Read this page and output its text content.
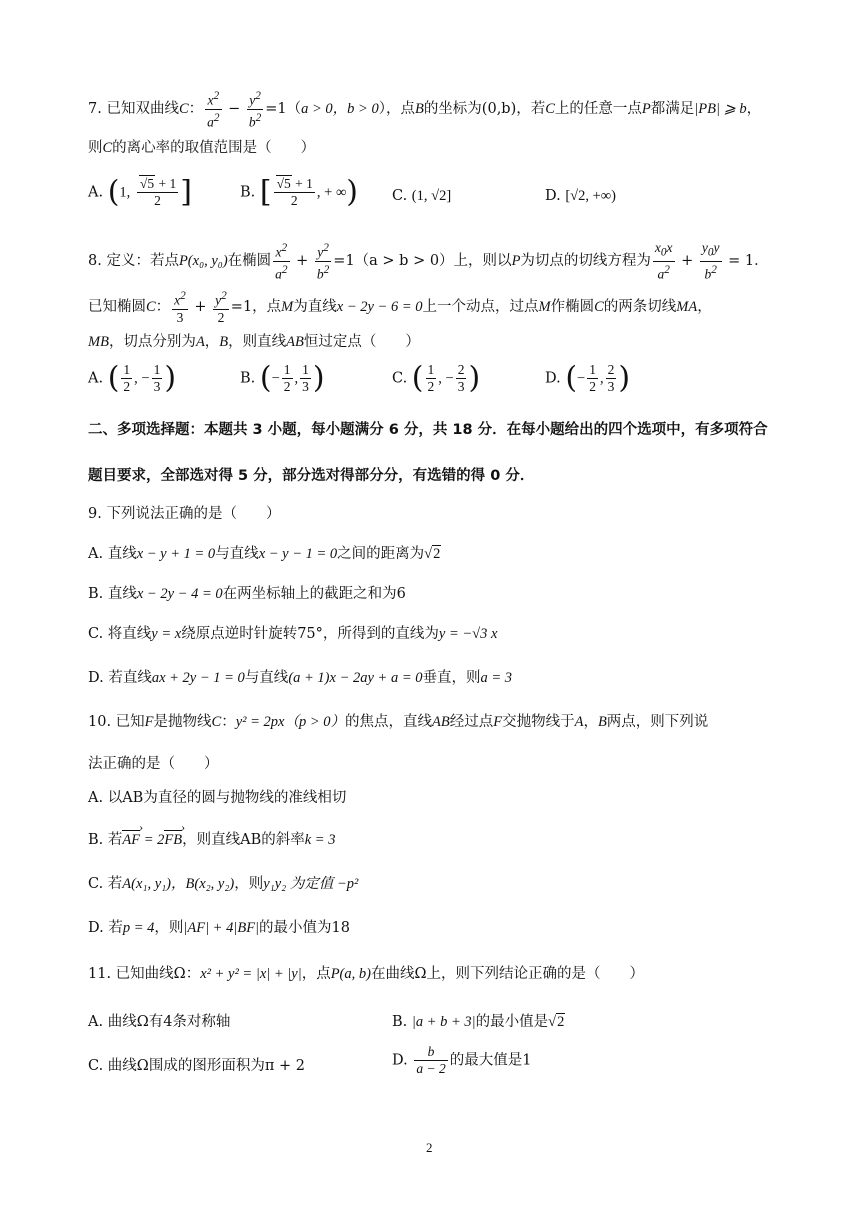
7. 已知双曲线C： $\frac{x^2}{a^2} - \frac{y^2}{b^2} =1(a > 0$，b > 0），点B的坐标为(0,b)，若C上的任意一点P都满足|PB| ⩾ b，
则C的离心率的取值范围是（　　）
A. (1, $\frac{√5 + 1}{2}$ ]	B. [ $\frac{√5 + 1}{2}$ , + ∞) C. (1, √2]	D. [√2, +∞)
8. 定义：若点P(x₀, y₀)在椭圆 $\frac{x^2}{a^2} + \frac{y^2}{b^2} =1(a > b > 0)$上，则以P为切点的切线方程为 $\frac{x_0x}{a^2} + \frac{y_0y}{b^2} = 1$．
已知椭圆C： $\frac{x^2}{3} + \frac{y^2}{2} =1$，点M为直线x − 2y − 6 = 0上一个动点，过点M作椭圆C的两条切线MA，
MB，切点分别为A，B，则直线AB恒过定点（　　）
A. ( $\frac{1}{2}$ , − $\frac{1}{3}$ )	B. (− $\frac{1}{2}$ , $\frac{1}{3}$ )	C. ( $\frac{1}{2}$ , − $\frac{2}{3}$ )	D. (− $\frac{1}{2}$ , $\frac{2}{3}$ )
二、多项选择题：本题共 3 小题，每小题满分 6 分，共 18 分．在每小题给出的四个选项中，有多项符合
题目要求，全部选对得 5 分，部分选对得部分分，有选错的得 0 分．
9. 下列说法正确的是（　　）
A. 直线x − y + 1 = 0与直线x − y − 1 = 0之间的距离为√2
B. 直线x − 2y − 4 = 0在两坐标轴上的截距之和为6
C. 将直线y = x绕原点逆时针旋转75°，所得到的直线为y = −√3 x
D. 若直线ax + 2y − 1 = 0与直线(a + 1)x − 2ay + a = 0垂直，则a = 3
10. 已知F是抛物线C：y² = 2px（p > 0）的焦点，直线AB经过点F交抛物线于A，B两点，则下列说
法正确的是（　　）
A. 以AB为直径的圆与抛物线的准线相切
B. 若AF › = 2FB ›，则直线AB的斜率k = 3
C. 若A(x₁, y₁)，B(x₂, y₂)，则y₁y₂ 为定值 −p²
D. 若p = 4，则|AF| + 4|BF|的最小值为18
11. 已知曲线Ω：x² + y² = |x| + |y|，点P(a, b)在曲线Ω上，则下列结论正确的是（　　）
A. 曲线Ω有4条对称轴	B. |a + b + 3|的最小值是√2
C. 曲线Ω围成的图形面积为π + 2	D. $\frac{b}{a - 2}$ 的最大值是1
2
